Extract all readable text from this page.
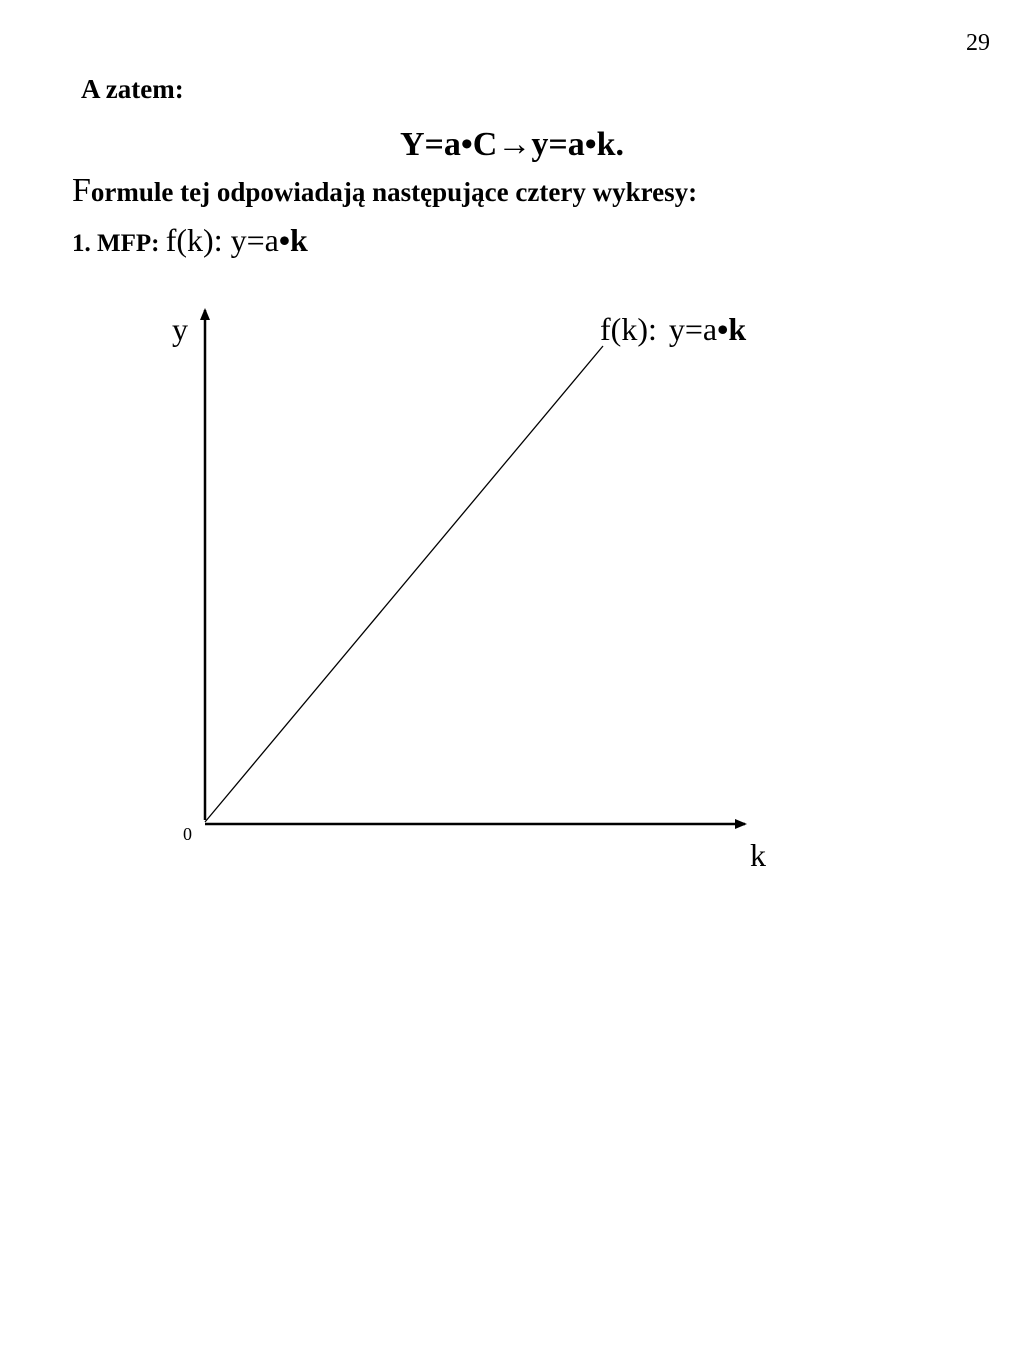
29
A zatem:
Y=a•C→y=a•k.
Formule tej odpowiadają następujące cztery wykresy:
1. MFP: f(k): y=a•k
y
k
0
f(k): y=a•k
